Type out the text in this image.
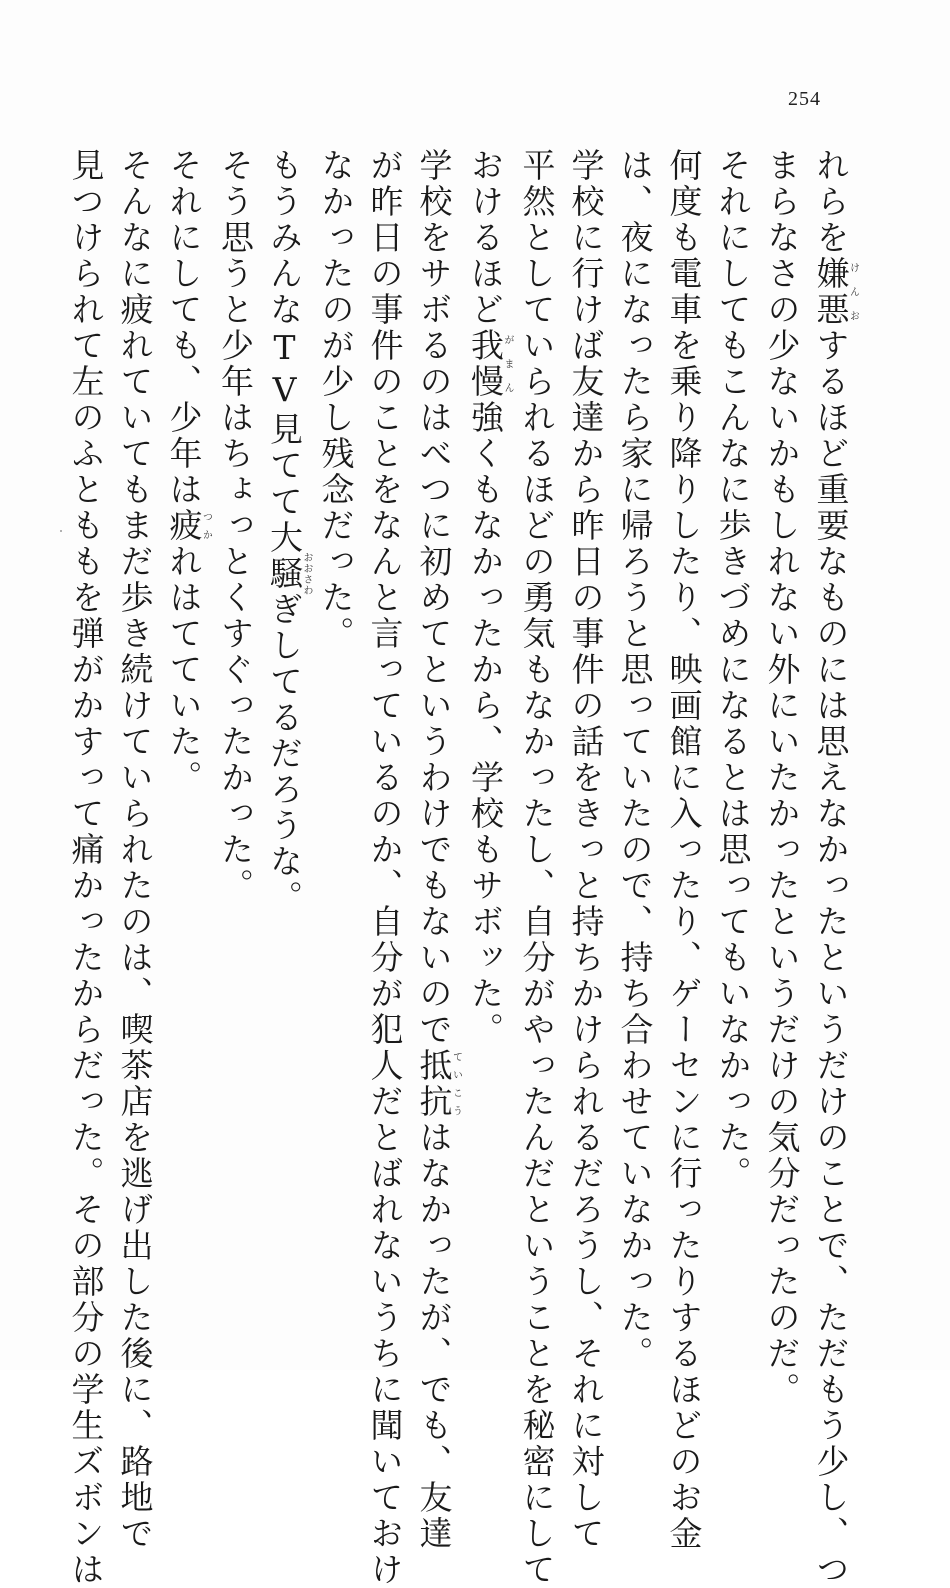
254
れらを嫌悪けんおするほど重要なものには思えなかったというだけのことで、ただもう少し、つ
まらなさの少ないかもしれない外にいたかったというだけの気分だったのだ。
それにしてもこんなに歩きづめになるとは思ってもいなかった。
何度も電車を乗り降りしたり、映画館に入ったり、ゲーセンに行ったりするほどのお金
は、夜になったら家に帰ろうと思っていたので、持ち合わせていなかった。
学校に行けば友達から昨日の事件の話をきっと持ちかけられるだろうし、それに対して
平然としていられるほどの勇気もなかったし、自分がやったんだということを秘密にして
おけるほど我慢がまん強くもなかったから、学校もサボッた。
学校をサボるのはべつに初めてというわけでもないので抵抗ていこうはなかったが、でも、友達
が昨日の事件のことをなんと言っているのか、自分が犯人だとばれないうちに聞いておけ
なかったのが少し残念だった。
もうみんなTV見てて大騒おおさわぎしてるだろうな。
そう思うと少年はちょっとくすぐったかった。
それにしても、少年は疲つかれはてていた。
そんなに疲れていてもまだ歩き続けていられたのは、喫茶店を逃げ出した後に、路地で
見つけられて左のふとももを弾がかすって痛かったからだった。その部分の学生ズボンは
